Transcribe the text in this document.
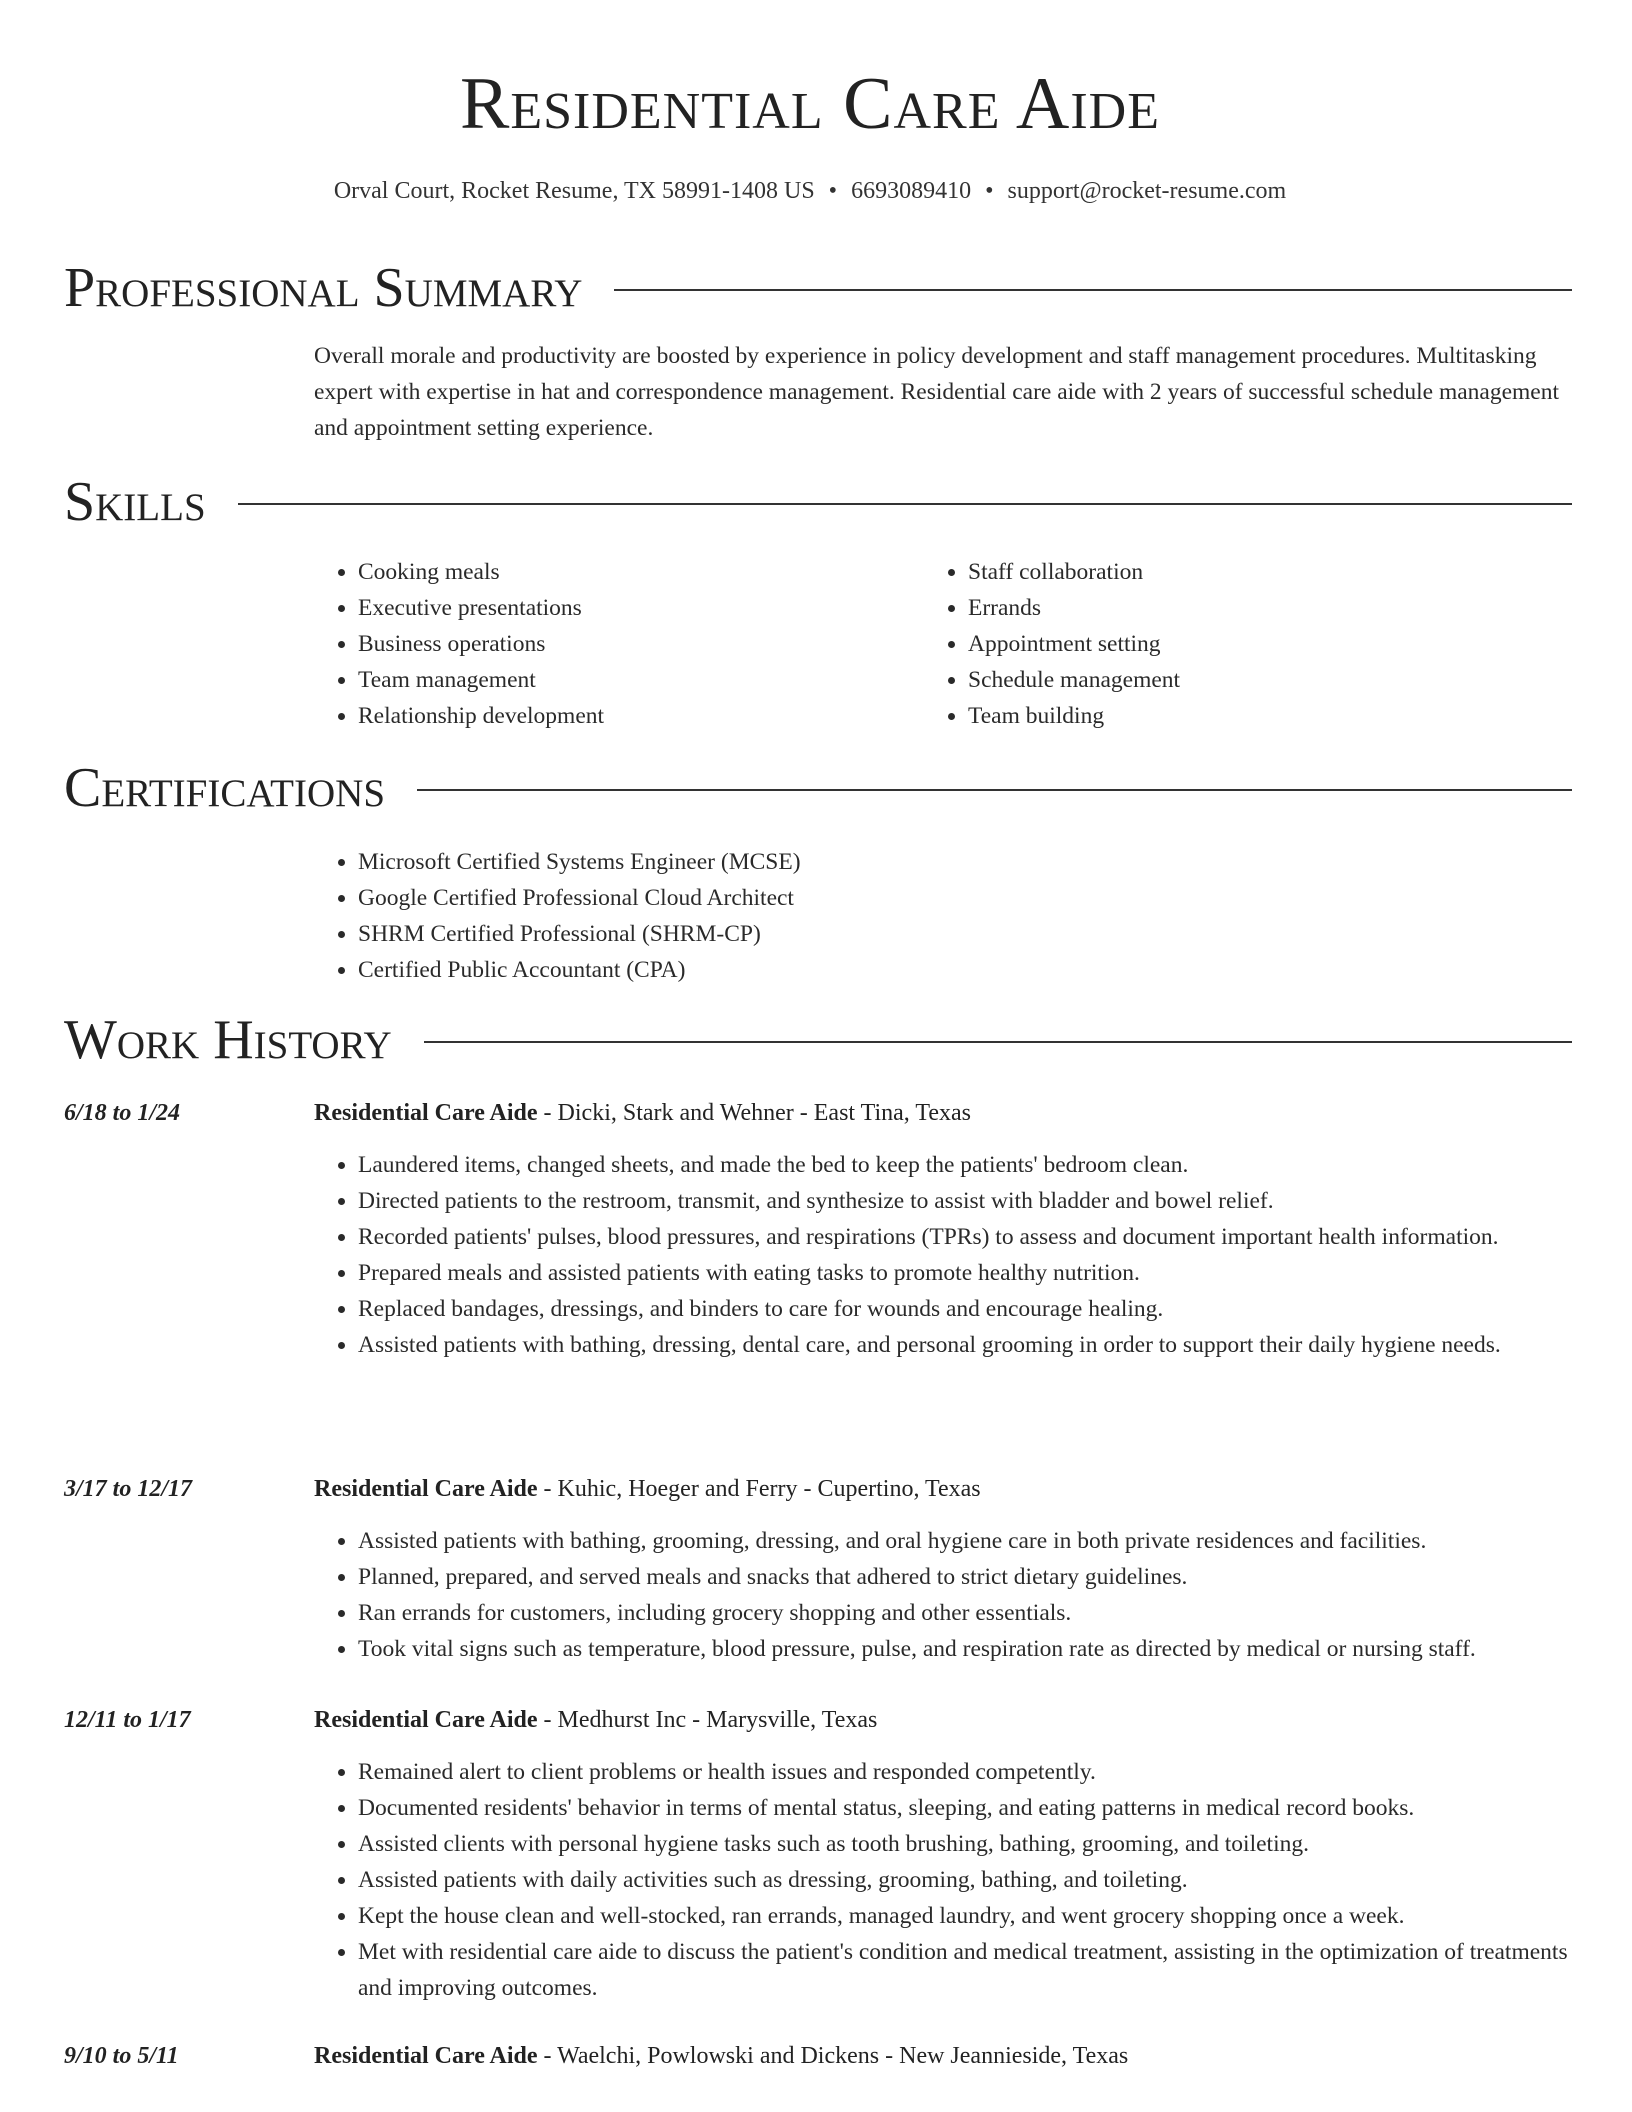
Residential Care Aide
Orval Court, Rocket Resume, TX 58991-1408 US • 6693089410 • support@rocket-resume.com
Professional Summary

Overall morale and productivity are boosted by experience in policy development and staff management procedures. Multitasking expert with expertise in hat and correspondence management. Residential care aide with 2 years of successful schedule management and appointment setting experience.

Skills
• Cooking meals
• Executive presentations
• Business operations
• Team management
• Relationship development
• Staff collaboration
• Errands
• Appointment setting
• Schedule management
• Team building
Certifications
• Microsoft Certified Systems Engineer (MCSE)
• Google Certified Professional Cloud Architect
• SHRM Certified Professional (SHRM-CP)
• Certified Public Accountant (CPA)
Work History
6/18 to 1/24	Residential Care Aide - Dicki, Stark and Wehner - East Tina, Texas
• Laundered items, changed sheets, and made the bed to keep the patients' bedroom clean.
• Directed patients to the restroom, transmit, and synthesize to assist with bladder and bowel relief.
• Recorded patients' pulses, blood pressures, and respirations (TPRs) to assess and document important health information.
• Prepared meals and assisted patients with eating tasks to promote healthy nutrition.
• Replaced bandages, dressings, and binders to care for wounds and encourage healing.
• Assisted patients with bathing, dressing, dental care, and personal grooming in order to support their daily hygiene needs.
3/17 to 12/17	Residential Care Aide - Kuhic, Hoeger and Ferry - Cupertino, Texas
• Assisted patients with bathing, grooming, dressing, and oral hygiene care in both private residences and facilities.
• Planned, prepared, and served meals and snacks that adhered to strict dietary guidelines.
• Ran errands for customers, including grocery shopping and other essentials.
• Took vital signs such as temperature, blood pressure, pulse, and respiration rate as directed by medical or nursing staff.
12/11 to 1/17	Residential Care Aide - Medhurst Inc - Marysville, Texas
• Remained alert to client problems or health issues and responded competently.
• Documented residents' behavior in terms of mental status, sleeping, and eating patterns in medical record books.
• Assisted clients with personal hygiene tasks such as tooth brushing, bathing, grooming, and toileting.
• Assisted patients with daily activities such as dressing, grooming, bathing, and toileting.
• Kept the house clean and well-stocked, ran errands, managed laundry, and went grocery shopping once a week.
• Met with residential care aide to discuss the patient's condition and medical treatment, assisting in the optimization of treatments and improving outcomes.
9/10 to 5/11	Residential Care Aide - Waelchi, Powlowski and Dickens - New Jeannieside, Texas
